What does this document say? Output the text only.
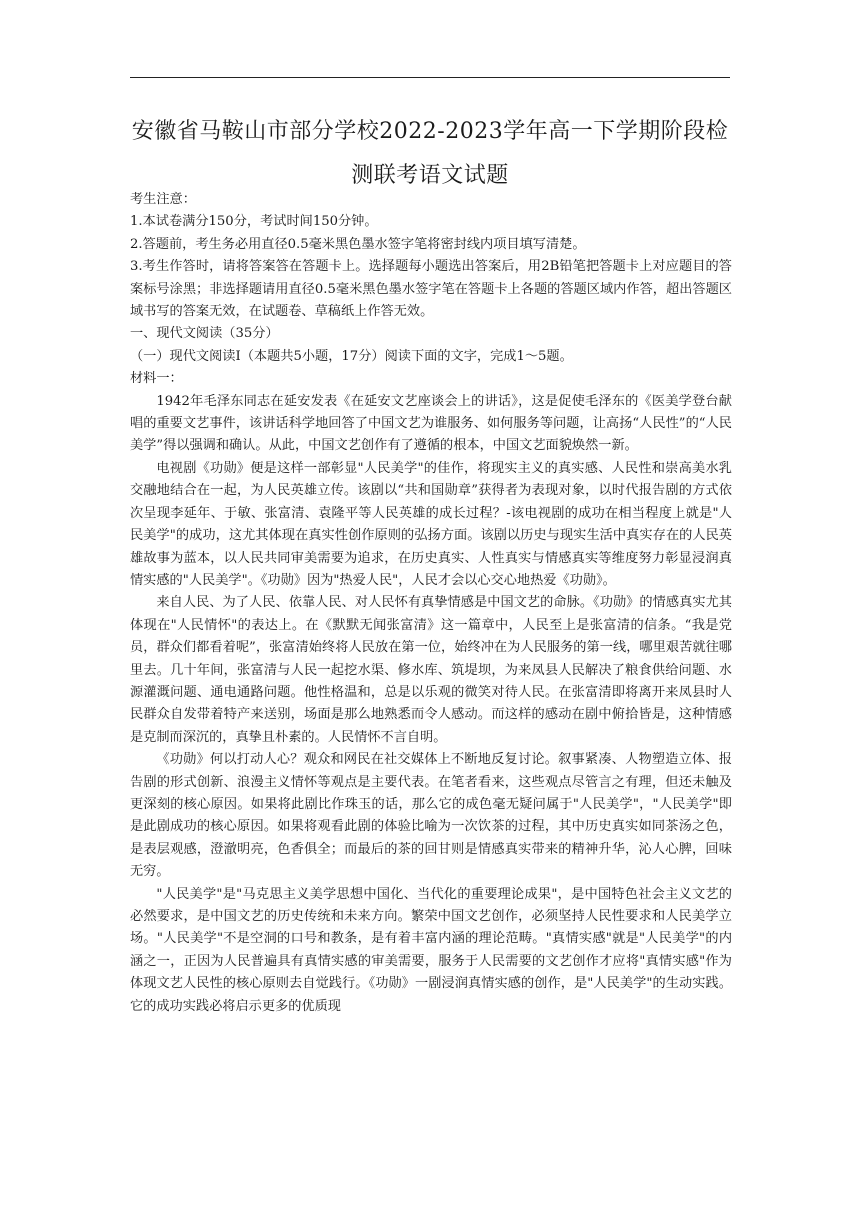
安徽省马鞍山市部分学校2022-2023学年高一下学期阶段检
测联考语文试题

考生注意：

1.本试卷满分150分，考试时间150分钟。

2.答题前，考生务必用直径0.5毫米黑色墨水签字笔将密封线内项目填写清楚。

3.考生作答时，请将答案答在答题卡上。选择题每小题选出答案后，用2B铅笔把答题卡上对应题目的答案标号涂黑；非选择题请用直径0.5毫米黑色墨水签字笔在答题卡上各题的答题区域内作答，超出答题区域书写的答案无效，在试题卷、草稿纸上作答无效。

一、现代文阅读（35分）

（一）现代文阅读Ⅰ（本题共5小题，17分）阅读下面的文字，完成1～5题。

材料一：

1942年毛泽东同志在延安发表《在延安文艺座谈会上的讲话》，这是促使毛泽东的《医美学登台献唱的重要文艺事件，该讲话科学地回答了中国文艺为谁服务、如何服务等问题，让高扬“人民性”的“人民美学”得以强调和确认。从此，中国文艺创作有了遵循的根本，中国文艺面貌焕然一新。

电视剧《功勋》便是这样一部彰显"人民美学"的佳作，将现实主义的真实感、人民性和崇高美水乳交融地结合在一起，为人民英雄立传。该剧以“共和国勋章”获得者为表现对象，以时代报告剧的方式依次呈现李延年、于敏、张富清、袁隆平等人民英雄的成长过程？-该电视剧的成功在相当程度上就是"人民美学"的成功，这尤其体现在真实性创作原则的弘扬方面。该剧以历史与现实生活中真实存在的人民英雄故事为蓝本，以人民共同审美需要为追求，在历史真实、人性真实与情感真实等维度努力彰显浸润真情实感的"人民美学"。《功勋》因为"热爱人民"，人民才会以心交心地热爱《功勋》。

来自人民、为了人民、依靠人民、对人民怀有真挚情感是中国文艺的命脉。《功勋》的情感真实尤其体现在"人民情怀"的表达上。在《默默无闻张富清》这一篇章中，人民至上是张富清的信条。“我是党员，群众们都看着呢”，张富清始终将人民放在第一位，始终冲在为人民服务的第一线，哪里艰苦就往哪里去。几十年间，张富清与人民一起挖水渠、修水库、筑堤坝，为来凤县人民解决了粮食供给问题、水源灌溉问题、通电通路问题。他性格温和，总是以乐观的微笑对待人民。在张富清即将离开来凤县时人民群众自发带着特产来送别，场面是那么地熟悉而令人感动。而这样的感动在剧中俯拾皆是，这种情感是克制而深沉的，真挚且朴素的。人民情怀不言自明。

《功勋》何以打动人心？观众和网民在社交媒体上不断地反复讨论。叙事紧凑、人物塑造立体、报告剧的形式创新、浪漫主义情怀等观点是主要代表。在笔者看来，这些观点尽管言之有理，但还未触及更深刻的核心原因。如果将此剧比作珠玉的话，那么它的成色毫无疑问属于"人民美学"，"人民美学"即是此剧成功的核心原因。如果将观看此剧的体验比喻为一次饮茶的过程，其中历史真实如同茶汤之色，是表层观感，澄澈明亮，色香俱全；而最后的茶的回甘则是情感真实带来的精神升华，沁人心脾，回味无穷。

"人民美学"是"马克思主义美学思想中国化、当代化的重要理论成果"，是中国特色社会主义文艺的必然要求，是中国文艺的历史传统和未来方向。繁荣中国文艺创作，必须坚持人民性要求和人民美学立场。"人民美学"不是空洞的口号和教条，是有着丰富内涵的理论范畴。"真情实感"就是"人民美学"的内涵之一，正因为人民普遍具有真情实感的审美需要，服务于人民需要的文艺创作才应将"真情实感"作为体现文艺人民性的核心原则去自觉践行。《功勋》一剧浸润真情实感的创作，是"人民美学"的生动实践。它的成功实践必将启示更多的优质现
